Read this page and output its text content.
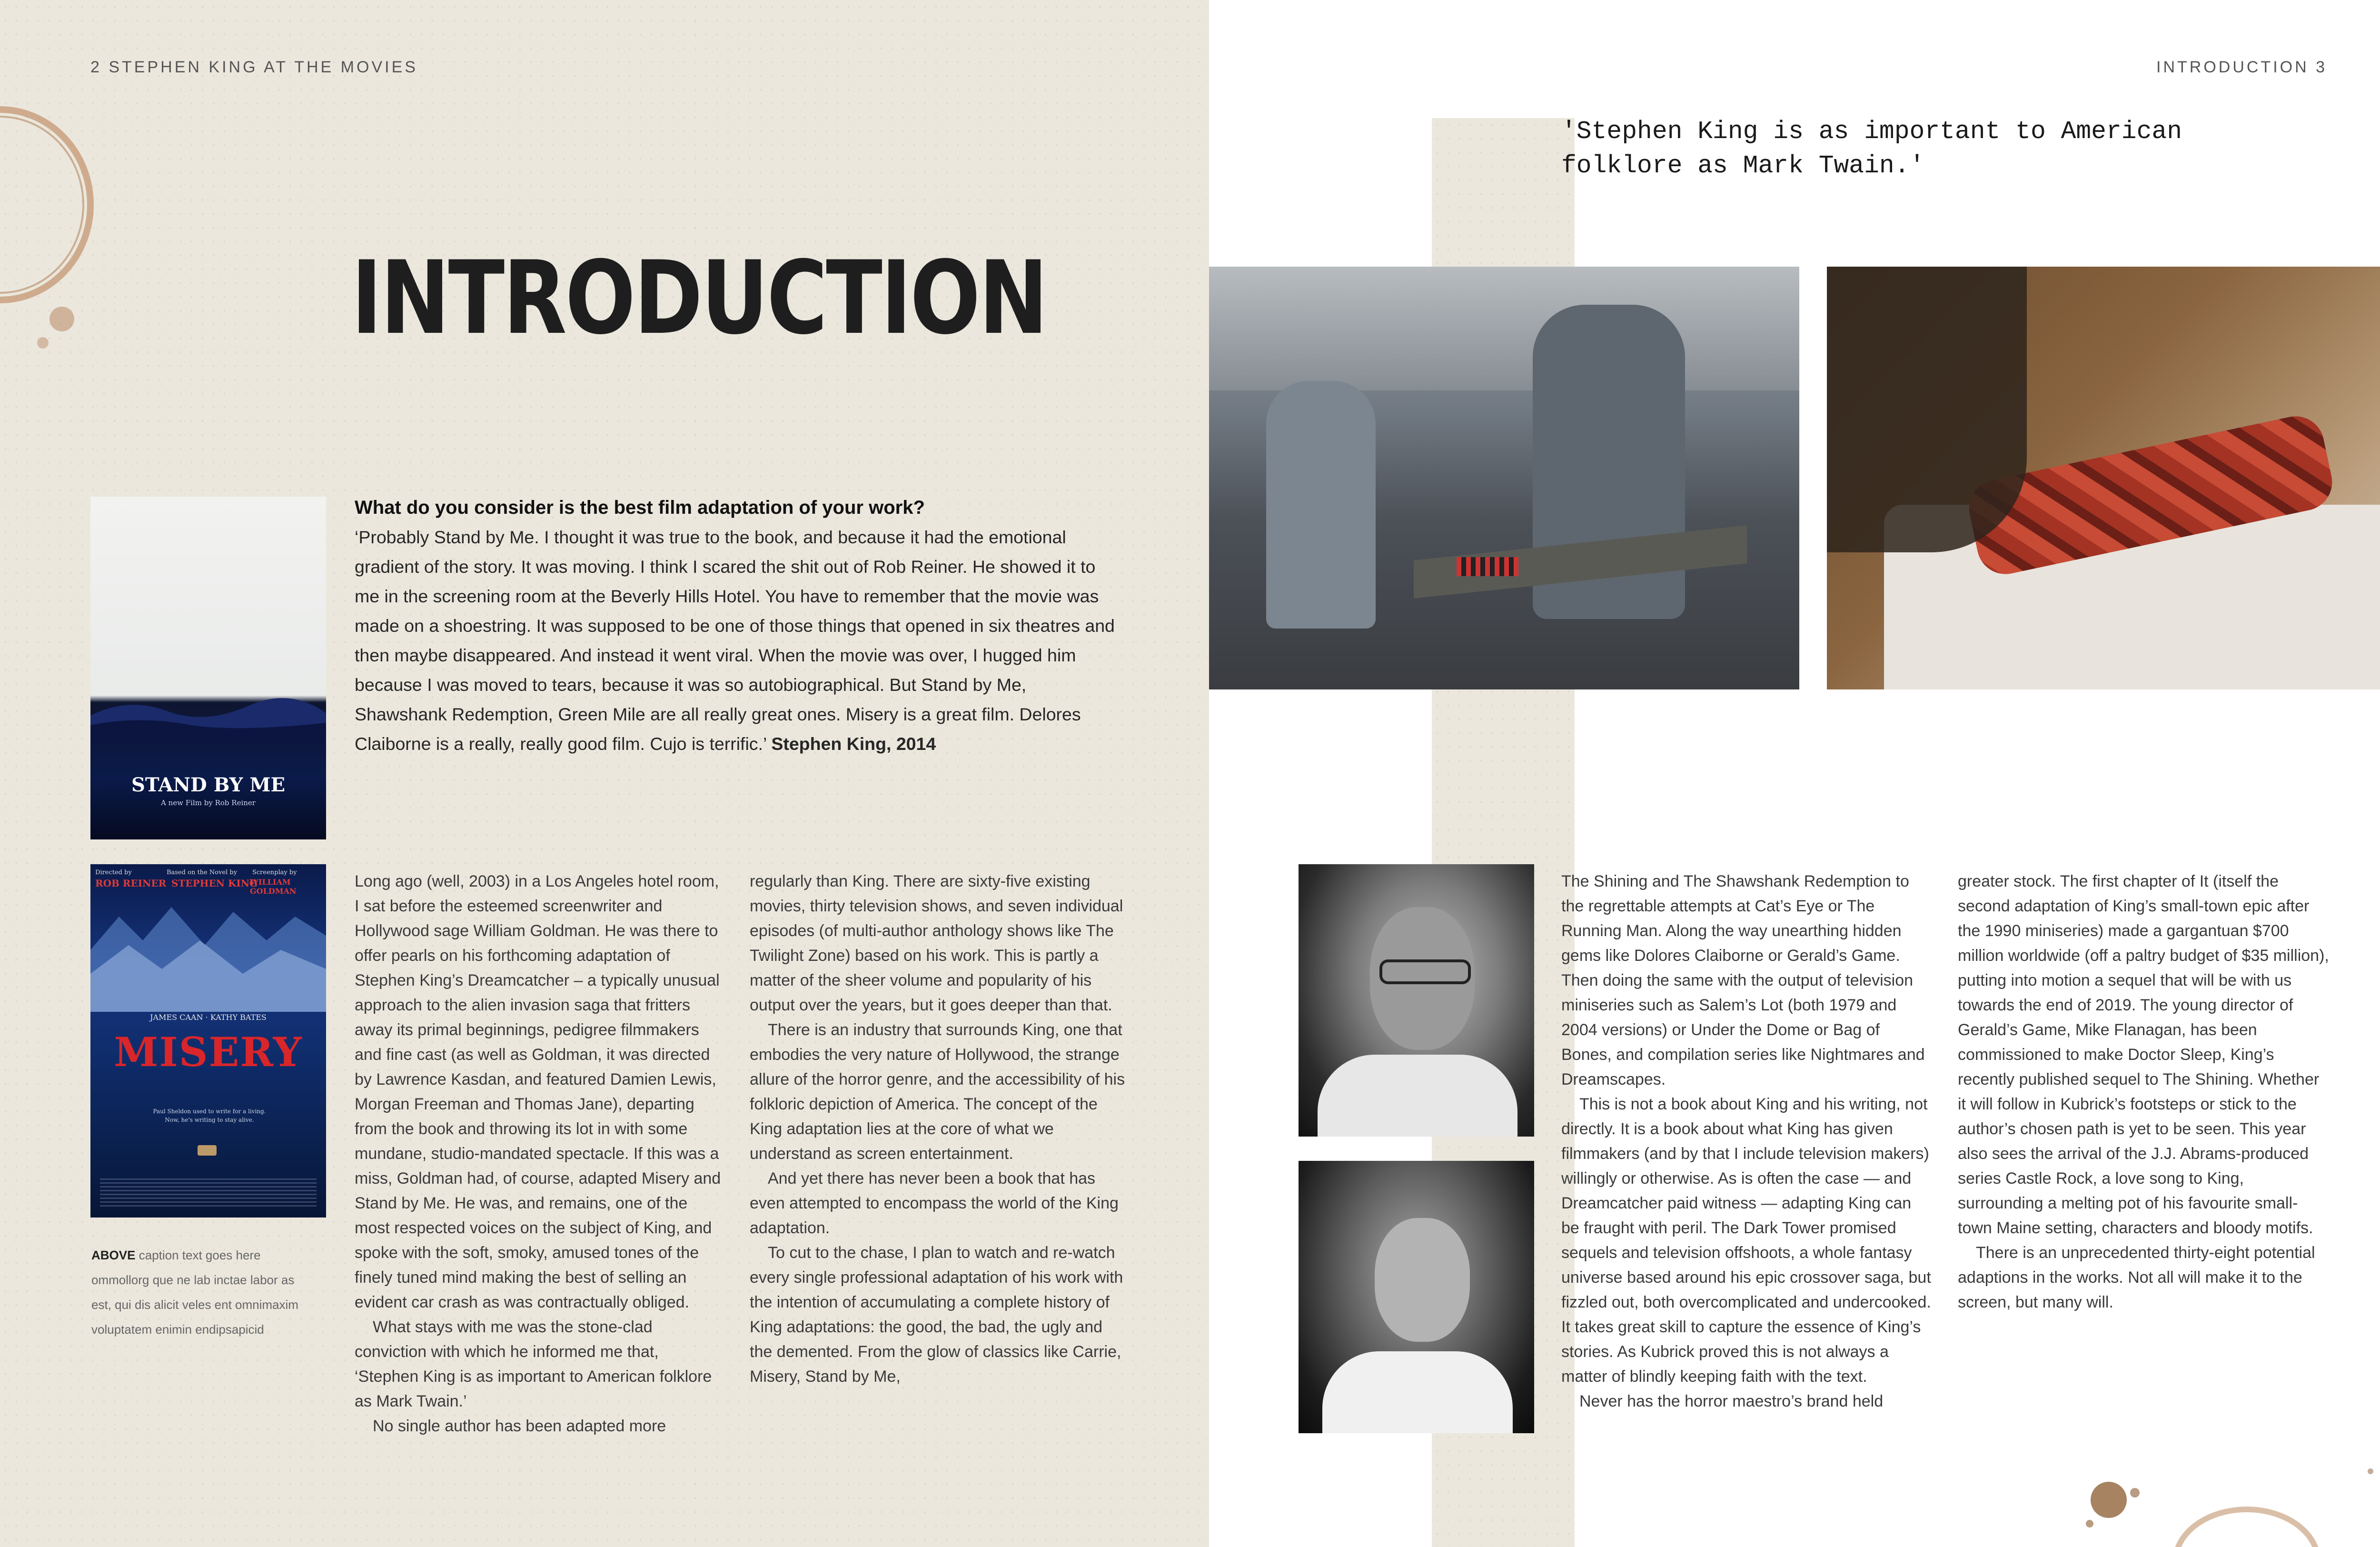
2 STEPHEN KING AT THE MOVIES
INTRODUCTION
STAND BY ME
A new Film by Rob Reiner
Directed by
ROB REINER
Based on the Novel by
STEPHEN KING
Screenplay by
WILLIAM GOLDMAN
JAMES CAAN · KATHY BATES
MISERY
Paul Sheldon used to write for a living. Now, he's writing to stay alive.
ABOVE caption text goes here ommollorg que ne lab inctae labor as est, qui dis alicit veles ent omnimaxim voluptatem enimin endipsapicid
What do you consider is the best film adaptation of your work?
‘Probably Stand by Me. I thought it was true to the book, and because it had the emotional gradient of the story. It was moving. I think I scared the shit out of Rob Reiner. He showed it to me in the screening room at the Beverly Hills Hotel. You have to remember that the movie was made on a shoestring. It was supposed to be one of those things that opened in six theatres and then maybe disappeared. And instead it went viral. When the movie was over, I hugged him because I was moved to tears, because it was so autobiographical. But Stand by Me, Shawshank Redemption, Green Mile are all really great ones. Misery is a great film. Delores Claiborne is a really, really good film. Cujo is terrific.’ Stephen King, 2014

Long ago (well, 2003) in a Los Angeles hotel room, I sat before the esteemed screenwriter and Hollywood sage William Goldman. He was there to offer pearls on his forthcoming adaptation of Stephen King’s Dreamcatcher – a typically unusual approach to the alien invasion saga that fritters away its primal beginnings, pedigree filmmakers and fine cast (as well as Goldman, it was directed by Lawrence Kasdan, and featured Damien Lewis, Morgan Freeman and Thomas Jane), departing from the book and throwing its lot in with some mundane, studio-mandated spectacle. If this was a miss, Goldman had, of course, adapted Misery and Stand by Me. He was, and remains, one of the most respected voices on the subject of King, and spoke with the soft, smoky, amused tones of the finely tuned mind making the best of selling an evident car crash as was contractually obliged.

What stays with me was the stone-clad conviction with which he informed me that, ‘Stephen King is as important to American folklore as Mark Twain.’

No single author has been adapted more

regularly than King. There are sixty-five existing movies, thirty television shows, and seven individual episodes (of multi-author anthology shows like The Twilight Zone) based on his work. This is partly a matter of the sheer volume and popularity of his output over the years, but it goes deeper than that.

There is an industry that surrounds King, one that embodies the very nature of Hollywood, the strange allure of the horror genre, and the accessibility of his folkloric depiction of America. The concept of the King adaptation lies at the core of what we understand as screen entertainment.

And yet there has never been a book that has even attempted to encompass the world of the King adaptation.

To cut to the chase, I plan to watch and re-watch every single professional adaptation of his work with the intention of accumulating a complete history of King adaptations: the good, the bad, the ugly and the demented. From the glow of classics like Carrie, Misery, Stand by Me,

INTRODUCTION 3
'Stephen King is as important to American folklore as Mark Twain.'

The Shining and The Shawshank Redemption to the regrettable attempts at Cat’s Eye or The Running Man. Along the way unearthing hidden gems like Dolores Claiborne or Gerald’s Game. Then doing the same with the output of television miniseries such as Salem’s Lot (both 1979 and 2004 versions) or Under the Dome or Bag of Bones, and compilation series like Nightmares and Dreamscapes.

This is not a book about King and his writing, not directly. It is a book about what King has given filmmakers (and by that I include television makers) willingly or otherwise. As is often the case — and Dreamcatcher paid witness — adapting King can be fraught with peril. The Dark Tower promised sequels and television offshoots, a whole fantasy universe based around his epic crossover saga, but fizzled out, both overcomplicated and undercooked. It takes great skill to capture the essence of King’s stories. As Kubrick proved this is not always a matter of blindly keeping faith with the text.

Never has the horror maestro’s brand held

greater stock. The first chapter of It (itself the second adaptation of King’s small-town epic after the 1990 miniseries) made a gargantuan $700 million worldwide (off a paltry budget of $35 million), putting into motion a sequel that will be with us towards the end of 2019. The young director of Gerald’s Game, Mike Flanagan, has been commissioned to make Doctor Sleep, King’s recently published sequel to The Shining. Whether it will follow in Kubrick’s footsteps or stick to the author’s chosen path is yet to be seen. This year also sees the arrival of the J.J. Abrams-produced series Castle Rock, a love song to King, surrounding a melting pot of his favourite small-town Maine setting, characters and bloody motifs.

There is an unprecedented thirty-eight potential adaptions in the works. Not all will make it to the screen, but many will.
